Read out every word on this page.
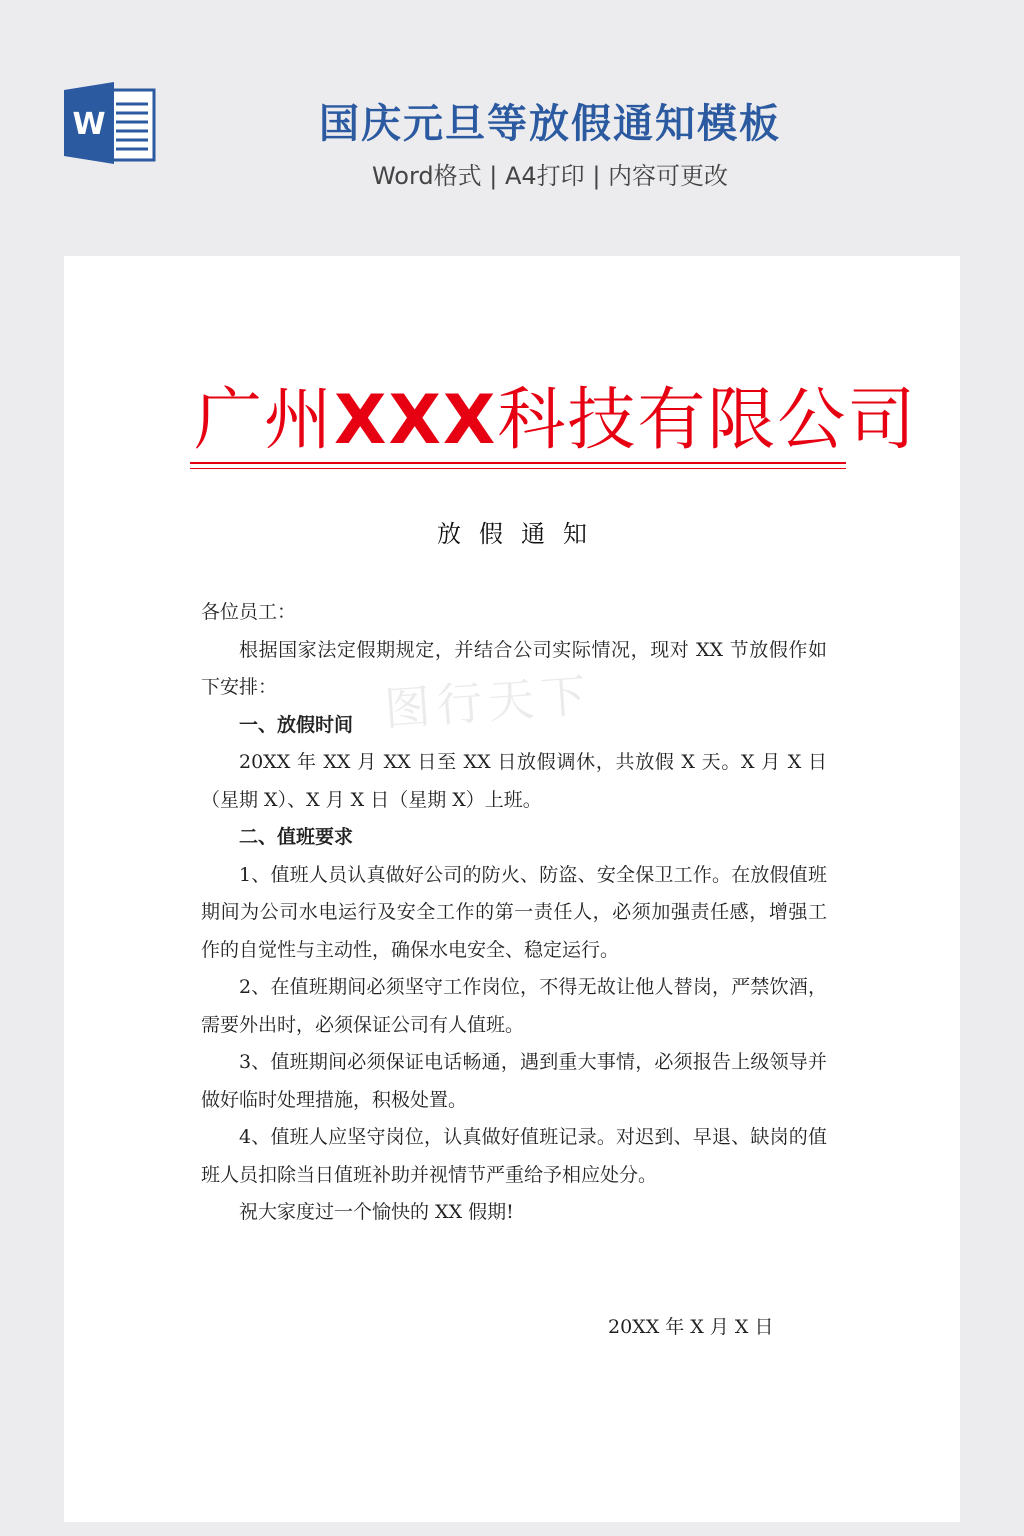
W	国庆元旦等放假通知模板
Word格式 | A4打印 | 内容可更改
图行天下
广州XXX科技有限公司
放假通知

各位员工：

根据国家法定假期规定，并结合公司实际情况，现对 XX 节放假作如下安排：

一、放假时间

20XX 年 XX 月 XX 日至 XX 日放假调休，共放假 X 天。X 月 X 日（星期 X）、X 月 X 日（星期 X）上班。

二、值班要求

1、值班人员认真做好公司的防火、防盗、安全保卫工作。在放假值班期间为公司水电运行及安全工作的第一责任人，必须加强责任感，增强工作的自觉性与主动性，确保水电安全、稳定运行。

2、在值班期间必须坚守工作岗位，不得无故让他人替岗，严禁饮酒，需要外出时，必须保证公司有人值班。

3、值班期间必须保证电话畅通，遇到重大事情，必须报告上级领导并做好临时处理措施，积极处置。

4、值班人应坚守岗位，认真做好值班记录。对迟到、早退、缺岗的值班人员扣除当日值班补助并视情节严重给予相应处分。

祝大家度过一个愉快的 XX 假期!

20XX 年 X 月 X 日
